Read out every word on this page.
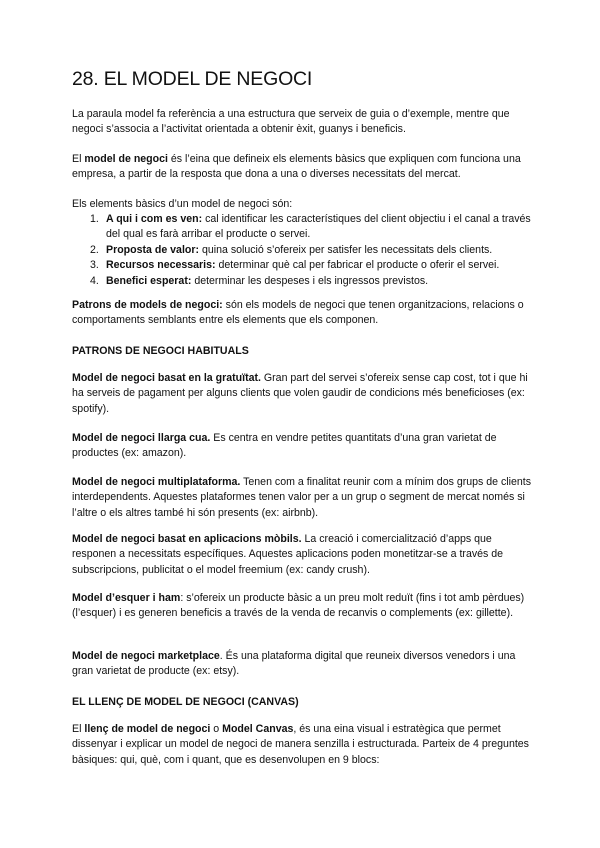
28. EL MODEL DE NEGOCI

La paraula model fa referència a una estructura que serveix de guia o d’exemple, mentre que negoci s’associa a l’activitat orientada a obtenir èxit, guanys i beneficis.

El model de negoci és l’eina que defineix els elements bàsics que expliquen com funciona una empresa, a partir de la resposta que dona a una o diverses necessitats del mercat.

Els elements bàsics d’un model de negoci són:

1. A qui i com es ven: cal identificar les característiques del client objectiu i el canal a través del qual es farà arribar el producte o servei.
2. Proposta de valor: quina solució s’ofereix per satisfer les necessitats dels clients.
3. Recursos necessaris: determinar què cal per fabricar el producte o oferir el servei.
4. Benefici esperat: determinar les despeses i els ingressos previstos.

Patrons de models de negoci: són els models de negoci que tenen organitzacions, relacions o comportaments semblants entre els elements que els componen.

PATRONS DE NEGOCI HABITUALS

Model de negoci basat en la gratuïtat. Gran part del servei s’ofereix sense cap cost, tot i que hi ha serveis de pagament per alguns clients que volen gaudir de condicions més beneficioses (ex: spotify).

Model de negoci llarga cua. Es centra en vendre petites quantitats d’una gran varietat de productes (ex: amazon).

Model de negoci multiplataforma. Tenen com a finalitat reunir com a mínim dos grups de clients interdependents. Aquestes plataformes tenen valor per a un grup o segment de mercat només si l’altre o els altres també hi són presents (ex: airbnb).

Model de negoci basat en aplicacions mòbils. La creació i comercialització d’apps que responen a necessitats específiques. Aquestes aplicacions poden monetitzar-se a través de subscripcions, publicitat o el model freemium (ex: candy crush).

Model d’esquer i ham: s’ofereix un producte bàsic a un preu molt reduït (fins i tot amb pèrdues) (l’esquer) i es generen beneficis a través de la venda de recanvis o complements (ex: gillette).

Model de negoci marketplace. És una plataforma digital que reuneix diversos venedors i una gran varietat de producte (ex: etsy).

EL LLENÇ DE MODEL DE NEGOCI (CANVAS)

El llenç de model de negoci o Model Canvas, és una eina visual i estratègica que permet dissenyar i explicar un model de negoci de manera senzilla i estructurada. Parteix de 4 preguntes bàsiques: qui, què, com i quant, que es desenvolupen en 9 blocs:
